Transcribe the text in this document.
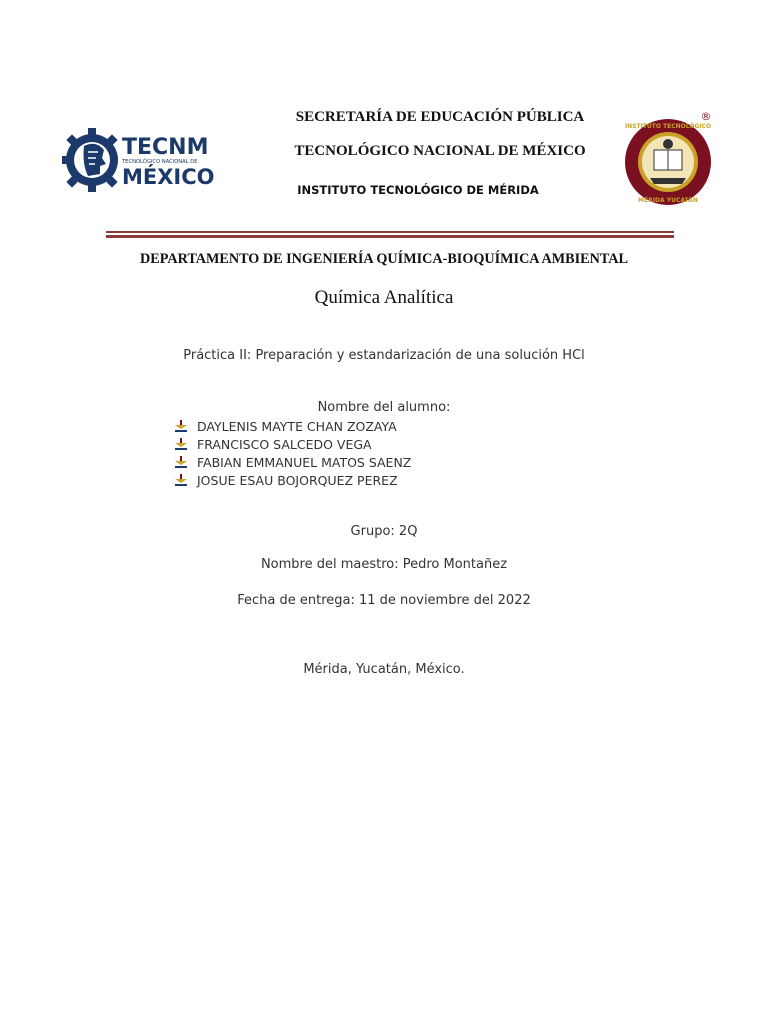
TECNM
TECNOLÓGICO NACIONAL DE
MÉXICO
INSTITUTO TECNOLÓGICO
MÉRIDA YUCATÁN
®
SECRETARÍA DE EDUCACIÓN PÚBLICA
TECNOLÓGICO NACIONAL DE MÉXICO
INSTITUTO TECNOLÓGICO DE MÉRIDA
DEPARTAMENTO DE INGENIERÍA QUÍMICA-BIOQUÍMICA AMBIENTAL
Química Analítica
Práctica II: Preparación y estandarización de una solución HCl
Nombre del alumno:
DAYLENIS MAYTE CHAN ZOZAYA
FRANCISCO SALCEDO VEGA
FABIAN EMMANUEL MATOS SAENZ
JOSUE ESAU BOJORQUEZ PEREZ
Grupo: 2Q
Nombre del maestro: Pedro Montañez
Fecha de entrega: 11 de noviembre del 2022
Mérida, Yucatán, México.
